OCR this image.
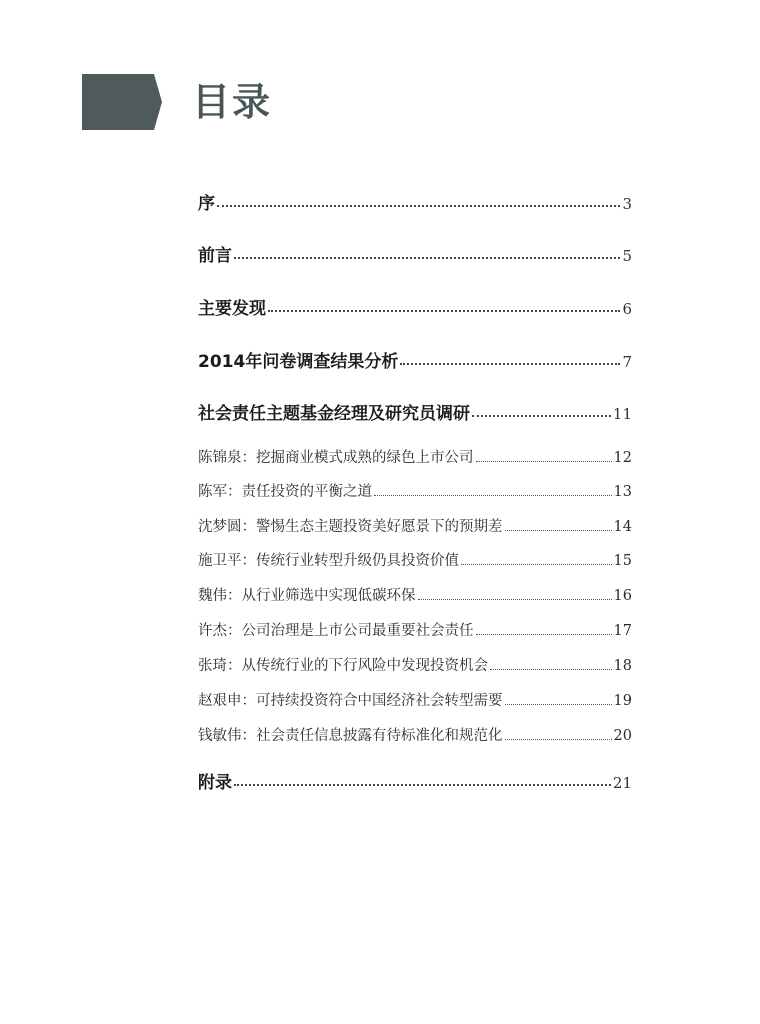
目录
序	3
前言	5
主要发现	6
2014年问卷调查结果分析	7
社会责任主题基金经理及研究员调研	11
陈锦泉：挖掘商业模式成熟的绿色上市公司	12
陈军：责任投资的平衡之道	13
沈梦圆：警惕生态主题投资美好愿景下的预期差	14
施卫平：传统行业转型升级仍具投资价值	15
魏伟：从行业筛选中实现低碳环保	16
许杰：公司治理是上市公司最重要社会责任	17
张琦：从传统行业的下行风险中发现投资机会	18
赵艰申：可持续投资符合中国经济社会转型需要	19
钱敏伟：社会责任信息披露有待标准化和规范化	20
附录	21
